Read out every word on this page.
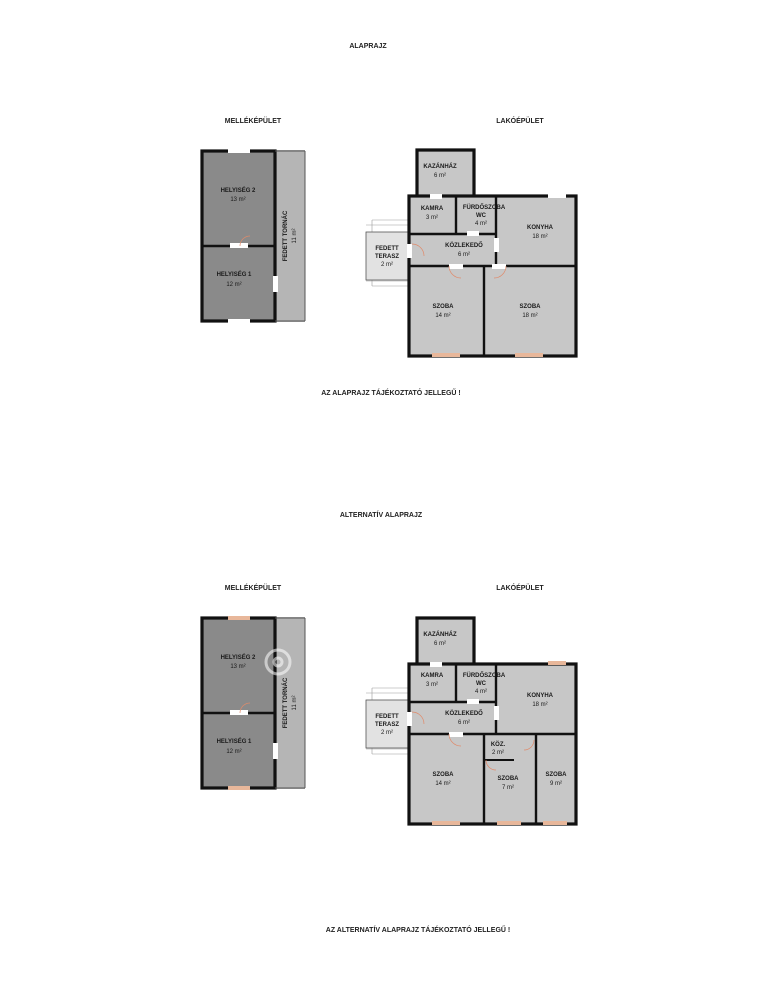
ALAPRAJZ
MELLÉKÉPÜLET	LAKÓÉPÜLET
HELYISÉG 2
13 m²
HELYISÉG 1
12 m²
FEDETT TORNÁC 11 m²
KAZÁNHÁZ
6 m²
KAMRA
3 m²
FÜRDŐSZOBA
WC
4 m²
KONYHA
18 m²
KÖZLEKEDŐ
6 m²
FEDETT
TERASZ
2 m²
SZOBA
14 m²
SZOBA
18 m²
AZ ALAPRAJZ TÁJÉKOZTATÓ JELLEGŰ !
ALTERNATÍV ALAPRAJZ
MELLÉKÉPÜLET	LAKÓÉPÜLET
HELYISÉG 2
13 m²
HELYISÉG 1
12 m²
FEDETT TORNÁC 11 m²
KAZÁNHÁZ
6 m²
KAMRA
3 m²
FÜRDŐSZOBA
WC
4 m²
KONYHA
18 m²
KÖZLEKEDŐ
6 m²
FEDETT
TERASZ
2 m²
SZOBA
14 m²
KÖZ.
2 m²
SZOBA
7 m²
SZOBA
9 m²
AZ ALTERNATÍV ALAPRAJZ TÁJÉKOZTATÓ JELLEGŰ !
